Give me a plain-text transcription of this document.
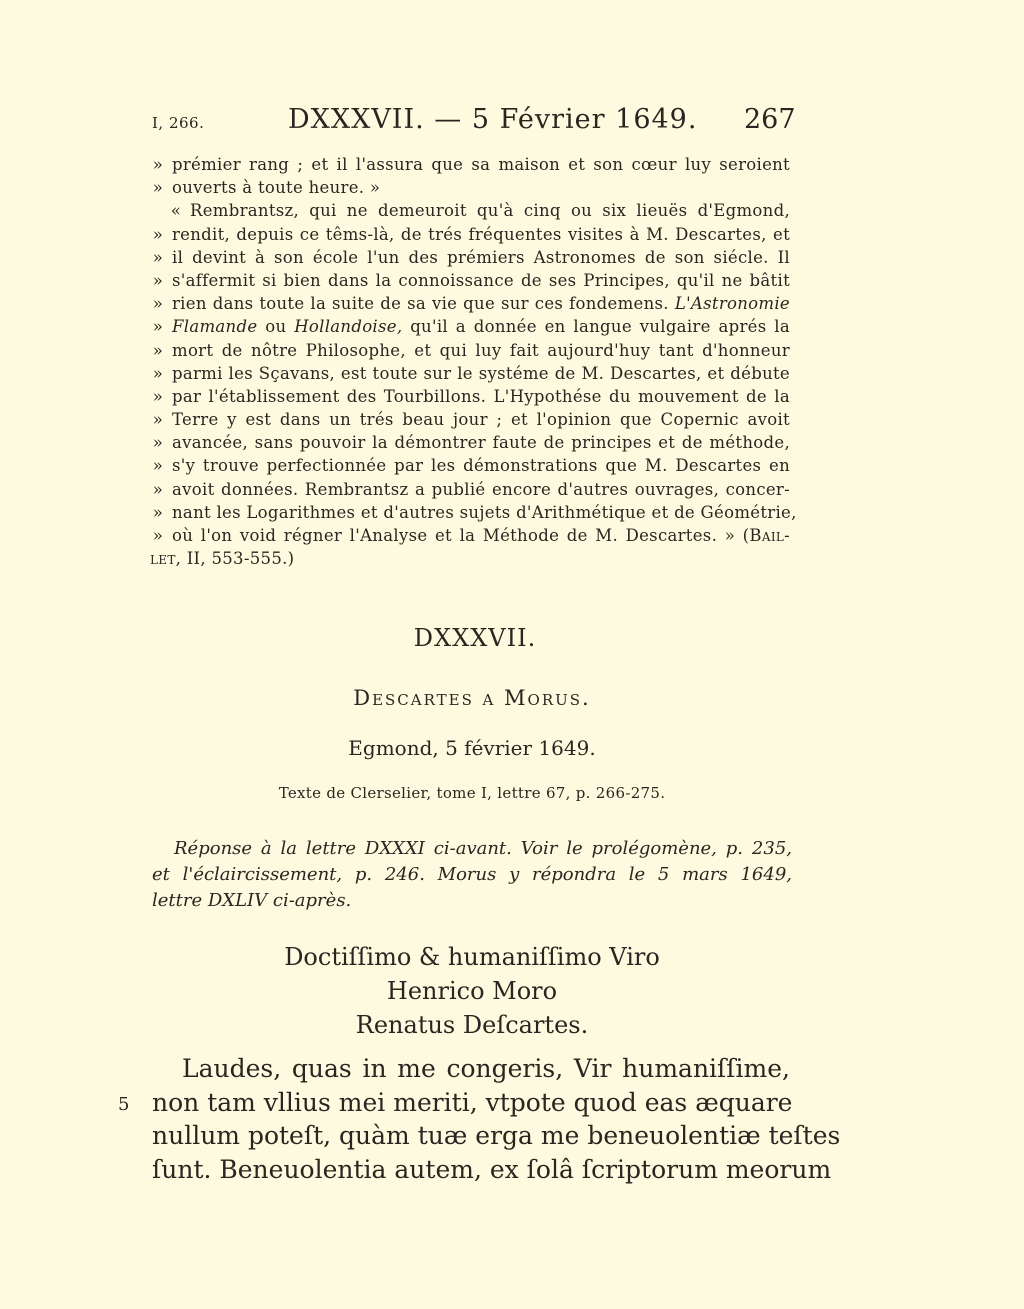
I, 266.	DXXXVII. — 5 Février 1649. 267
» prémier rang ; et il l'assura que sa maison et son cœur luy seroient
» ouverts à toute heure. »
« Rembrantsz, qui ne demeuroit qu'à cinq ou six lieuës d'Egmond,
» rendit, depuis ce têms-là, de trés fréquentes visites à M. Descartes, et
» il devint à son école l'un des prémiers Astronomes de son siécle. Il
» s'affermit si bien dans la connoissance de ses Principes, qu'il ne bâtit
» rien dans toute la suite de sa vie que sur ces fondemens. L'Astronomie
» Flamande ou Hollandoise, qu'il a donnée en langue vulgaire aprés la
» mort de nôtre Philosophe, et qui luy fait aujourd'huy tant d'honneur
» parmi les Sçavans, est toute sur le systéme de M. Descartes, et débute
» par l'établissement des Tourbillons. L'Hypothése du mouvement de la
» Terre y est dans un trés beau jour ; et l'opinion que Copernic avoit
» avancée, sans pouvoir la démontrer faute de principes et de méthode,
» s'y trouve perfectionnée par les démonstrations que M. Descartes en
» avoit données. Rembrantsz a publié encore d'autres ouvrages, concer-
» nant les Logarithmes et d'autres sujets d'Arithmétique et de Géométrie,
» où l'on void régner l'Analyse et la Méthode de M. Descartes. » (Bail-
let, II, 553-555.)
DXXXVII.
Descartes a Morus.
Egmond, 5 février 1649.
Texte de Clerselier, tome I, lettre 67, p. 266-275.
Réponse à la lettre DXXXI ci-avant. Voir le prolégomène, p. 235,
et l'éclaircissement, p. 246. Morus y répondra le 5 mars 1649,
lettre DXLIV ci-après.
Doctiſſimo & humaniſſimo Viro
Henrico Moro
Renatus Deſcartes.
5
Laudes, quas in me congeris, Vir humaniſſime,
non tam vllius mei meriti, vtpote quod eas æquare
nullum poteſt, quàm tuæ erga me beneuolentiæ teſtes
ſunt. Beneuolentia autem, ex ſolâ ſcriptorum meorum
